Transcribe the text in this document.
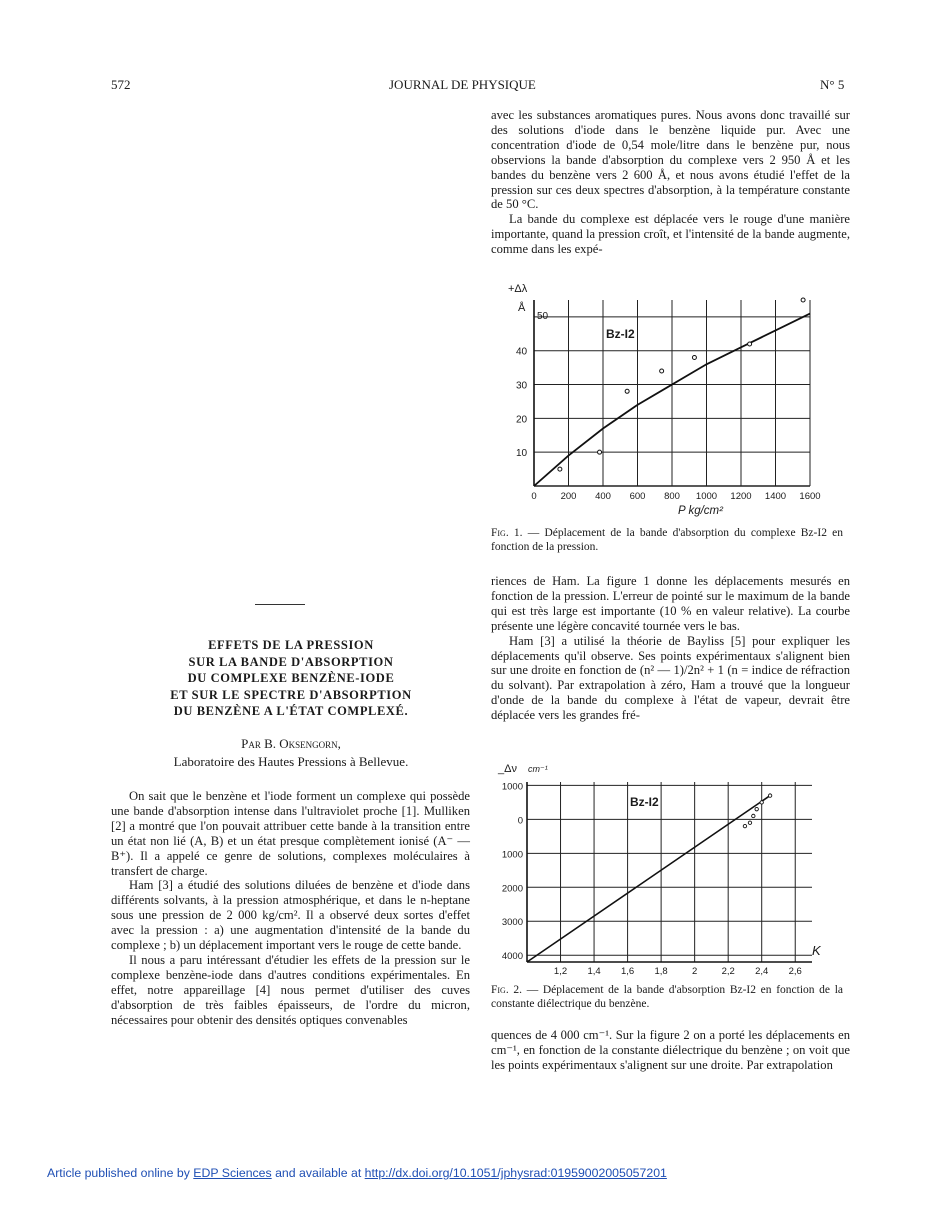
572	JOURNAL DE PHYSIQUE	N° 5

avec les substances aromatiques pures. Nous avons donc travaillé sur des solutions d'iode dans le benzène liquide pur. Avec une concentration d'iode de 0,54 mole/litre dans le benzène pur, nous observions la bande d'absorption du complexe vers 2 950 Å et les bandes du benzène vers 2 600 Å, et nous avons étudié l'effet de la pression sur ces deux spectres d'absorption, à la température constante de 50 °C.

La bande du complexe est déplacée vers le rouge d'une manière importante, quand la pression croît, et l'intensité de la bande augmente, comme dans les expé-

10
20
30
40
50
0	200 400 600 800 1000 1200 1400 1600
+Δλ
Å
Bz-I2
P kg/cm²
Fig. 1. — Déplacement de la bande d'absorption du complexe Bz-I2 en fonction de la pression.

riences de Ham. La figure 1 donne les déplacements mesurés en fonction de la pression. L'erreur de pointé sur le maximum de la bande qui est très large est importante (10 % en valeur relative). La courbe présente une légère concavité tournée vers le bas.

Ham [3] a utilisé la théorie de Bayliss [5] pour expliquer les déplacements qu'il observe. Ses points expérimentaux s'alignent bien sur une droite en fonction de (n² — 1)/2n² + 1 (n = indice de réfraction du solvant). Par extrapolation à zéro, Ham a trouvé que la longueur d'onde de la bande du complexe à l'état de vapeur, devrait être déplacée vers les grandes fré-

1000
0
1000
2000
3000
4000
1,2 1,4 1,6 1,8	2	2,2 2,4 2,6
_Δν cm⁻¹
Bz-I2
K
Fig. 2. — Déplacement de la bande d'absorption Bz-I2 en fonction de la constante diélectrique du benzène.

quences de 4 000 cm⁻¹. Sur la figure 2 on a porté les déplacements en cm⁻¹, en fonction de la constante diélectrique du benzène ; on voit que les points expérimentaux s'alignent sur une droite. Par extrapolation

EFFETS DE LA PRESSION
SUR LA BANDE D'ABSORPTION
DU COMPLEXE BENZÈNE-IODE
ET SUR LE SPECTRE D'ABSORPTION
DU BENZÈNE A L'ÉTAT COMPLEXÉ.
Par B. Oksengorn,
Laboratoire des Hautes Pressions à Bellevue.

On sait que le benzène et l'iode forment un complexe qui possède une bande d'absorption intense dans l'ultraviolet proche [1]. Mulliken [2] a montré que l'on pouvait attribuer cette bande à la transition entre un état non lié (A, B) et un état presque complètement ionisé (A⁻ — B⁺). Il a appelé ce genre de solutions, complexes moléculaires à transfert de charge.

Ham [3] a étudié des solutions diluées de benzène et d'iode dans différents solvants, à la pression atmosphérique, et dans le n-heptane sous une pression de 2 000 kg/cm². Il a observé deux sortes d'effet avec la pression : a) une augmentation d'intensité de la bande du complexe ; b) un déplacement important vers le rouge de cette bande.

Il nous a paru intéressant d'étudier les effets de la pression sur le complexe benzène-iode dans d'autres conditions expérimentales. En effet, notre appareillage [4] nous permet d'utiliser des cuves d'absorption de très faibles épaisseurs, de l'ordre du micron, nécessaires pour obtenir des densités optiques convenables

Article published online by EDP Sciences and available at http://dx.doi.org/10.1051/jphysrad:01959002005057201
